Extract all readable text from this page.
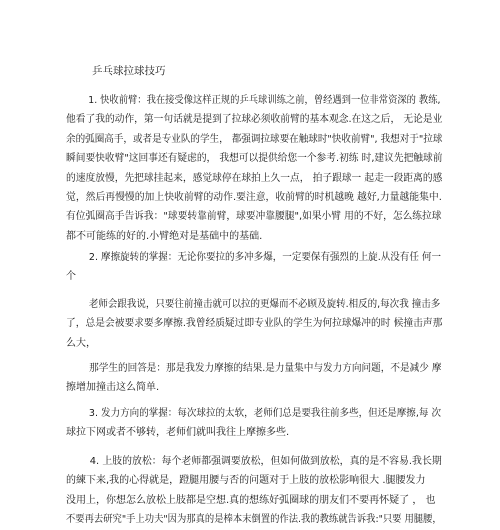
乒乓球拉球技巧
1. 快收前臂：我在接受像这样正规的乒乓球训练之前，曾经遇到一位非常资深的 教练,
他看了我的动作，第一句话就是提到了拉球必须收前臂的基本观念.在这之后， 无论是业
余的弧圈高手，或者是专业队的学生， 都强调拉球要在触球时"快收前臂", 我想对于"拉球
瞬间要快收臂"这回事还有疑虑的， 我想可以提供给您一个参考.初练 时,建议先把触球前
的速度放慢，先把球挂起来，感觉球停在球拍上久一点， 拍子跟球一 起走一段距离的感
觉，然后再慢慢的加上快收前臂的动作.要注意，收前臂的时机越晚 越好,力量越能集中.
有位弧圈高手告诉我："球要转靠前臂，球要冲靠腰腿",如果小臂 用的不好，怎么练拉球
都不可能练的好的.小臂绝对是基础中的基础.
2. 摩擦旋转的掌握：无论你要拉的多冲多爆，一定要保有强烈的上旋.从没有任 何一
个
老师会跟我说，只要往前撞击就可以拉的更爆而不必顾及旋转.相反的,每次我 撞击多
了，总是会被要求要多摩擦.我曾经质疑过即专业队的学生为何拉球爆冲的时 候撞击声那
么大，
那学生的回答是：那是我发力摩擦的结果.是力量集中与发力方向问题，不是减少 摩
擦增加撞击这么简单.
3. 发力方向的掌握：每次球拉的太软，老师们总是要我往前多些，但还是摩擦,每 次
球拉下网或者不够转，老师们就叫我往上摩擦多些.
4. 上肢的放松：每个老师都强调要放松，但如何做到放松，真的是不容易.我长期
的練下来,我的心得就是，蹬腿用腰与否的问题对于上肢的放松影响很大 .腿腰发力
没用上，你想怎么放松上肢都是空想.真的想练好弧圈球的朋友们不要再怀疑了 ， 也
不要再去研究"手上功夫"因为那真的是棒本末倒置的作法.我的教练就告诉我:"只要 用腿腰，
